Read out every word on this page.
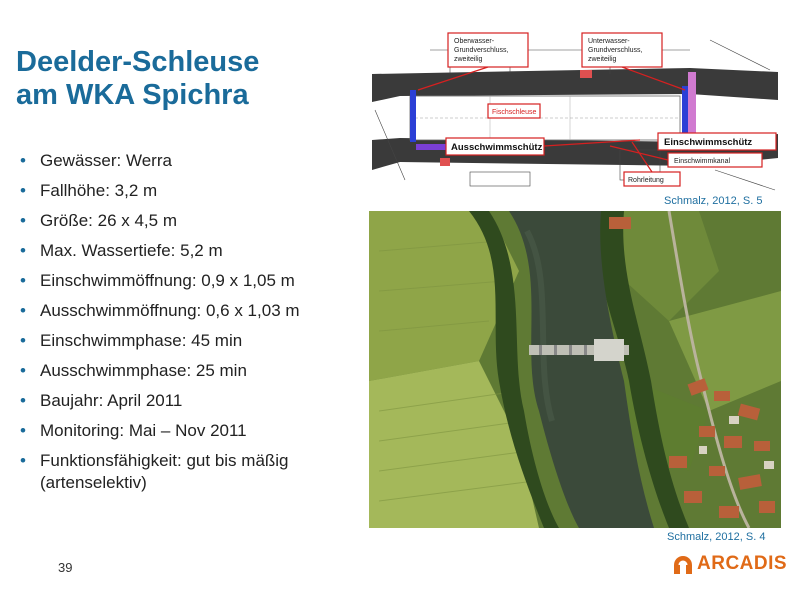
Deelder-Schleuse
am WKA Spichra
• Gewässer: Werra
• Fallhöhe: 3,2 m
• Größe: 26 x 4,5 m
• Max. Wassertiefe: 5,2 m
• Einschwimmöffnung: 0,9 x 1,05 m
• Ausschwimmöffnung: 0,6 x 1,03 m
• Einschwimmphase: 45 min
• Ausschwimmphase: 25 min
• Baujahr: April 2011
• Monitoring: Mai – Nov 2011
• Funktionsfähigkeit: gut bis mäßig (artenselektiv)
Oberwasser-
Grundverschluss,
zweiteilig
Unterwasser-
Grundverschluss,
zweiteilig
Fischschleuse
Einschwimmkanal
Rohrleitung
Ausschwimmschütz	Einschwimmschütz
Schmalz, 2012, S. 5
Schmalz, 2012, S. 4
39	ARCADIS
